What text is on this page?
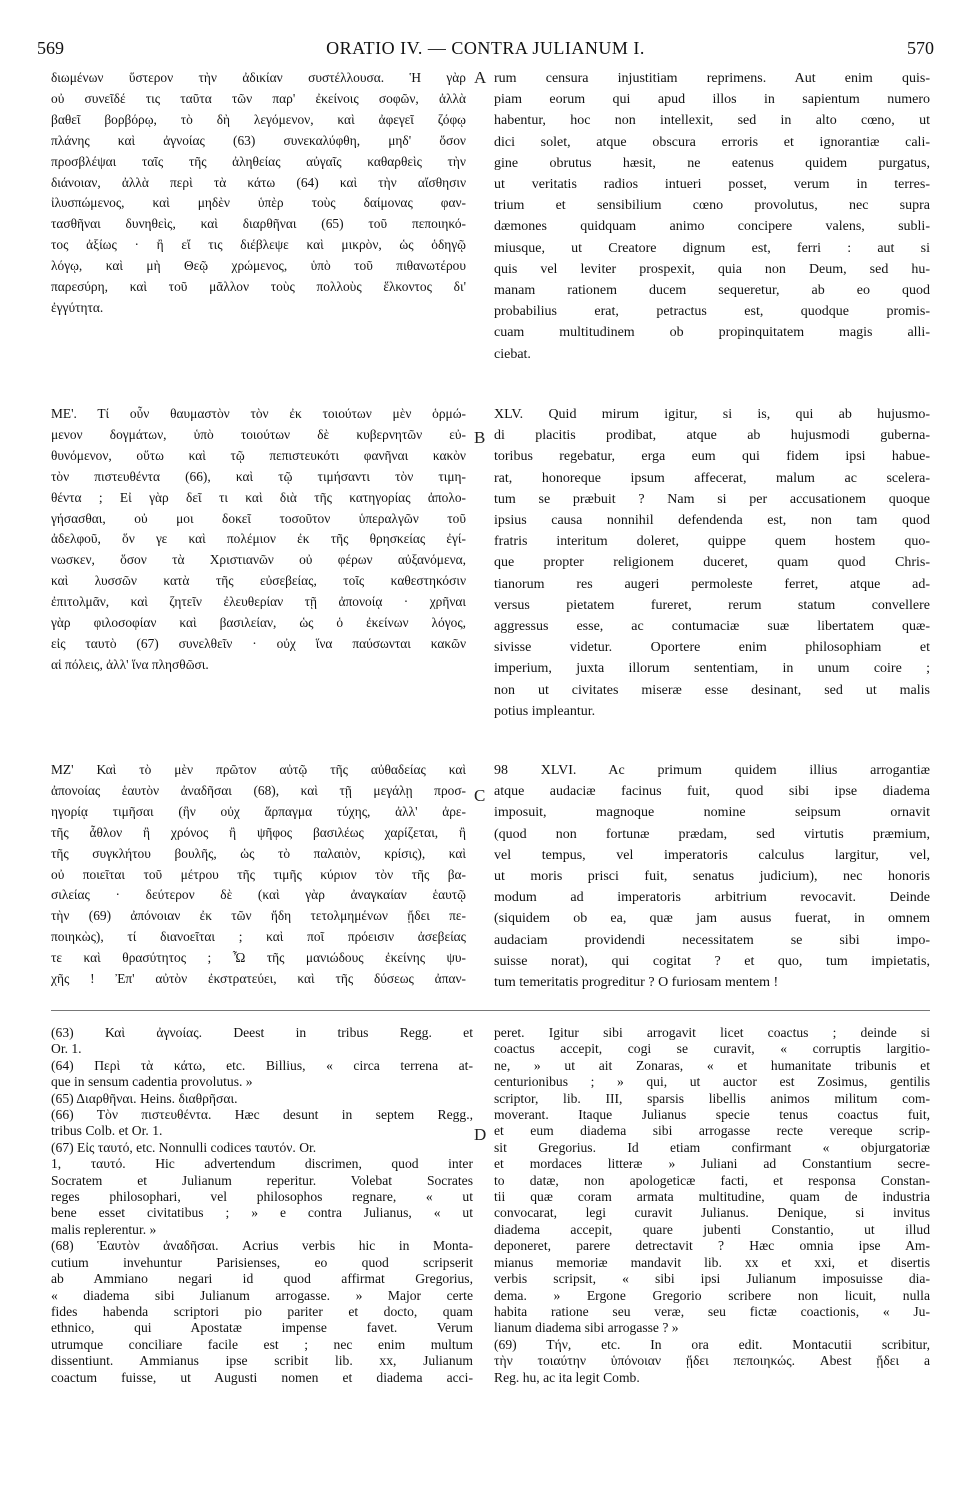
569	ORATIO IV. — CONTRA JULIANUM I.	570
A
B
C
D
διωμένων ὕστερον τὴν ἀδικίαν συστέλλουσα. Ἡ γὰρ
οὐ συνεῖδέ τις ταῦτα τῶν παρ' ἐκείνοις σοφῶν, ἀλλὰ
βαθεῖ βορβόρῳ, τὸ δὴ λεγόμενον, καὶ ἀφεγεῖ ζόφῳ
πλάνης καὶ ἀγνοίας (63) συνεκαλύφθη, μηδ' ὅσον
προσβλέψαι ταῖς τῆς ἀληθείας αὐγαῖς καθαρθεὶς τὴν
διάνοιαν, ἀλλὰ περὶ τὰ κάτω (64) καὶ τὴν αἴσθησιν
ἰλυσπώμενος, καὶ μηδὲν ὑπὲρ τοὺς δαίμονας φαν-
τασθῆναι δυνηθεὶς, καὶ διαρθῆναι (65) τοῦ πεποιηκό-
τος ἀξίως · ἢ εἴ τις διέβλεψε καὶ μικρὸν, ὡς ὁδηγῷ
λόγῳ, καὶ μὴ Θεῷ χρώμενος, ὑπὸ τοῦ πιθανωτέρου
παρεσύρη, καὶ τοῦ μᾶλλον τοὺς πολλοὺς ἕλκοντος δι'
ἐγγύτητα.
rum censura injustitiam reprimens. Aut enim quis-
piam eorum qui apud illos in sapientum numero
habentur, hoc non intellexit, sed in alto cœno, ut
dici solet, atque obscura erroris et ignorantiæ cali-
gine obrutus hæsit, ne eatenus quidem purgatus,
ut veritatis radios intueri posset, verum in terres-
trium et sensibilium cœno provolutus, nec supra
dæmones quidquam animo concipere valens, subli-
miusque, ut Creatore dignum est, ferri : aut si
quis vel leviter prospexit, quia non Deum, sed hu-
manam rationem ducem sequeretur, ab eo quod
probabilius erat, petractus est, quodque promis-
cuam multitudinem ob propinquitatem magis alli-
ciebat.
ΜΕ'. Τί οὖν θαυμαστὸν τὸν ἐκ τοιούτων μὲν ὁρμώ-
μενον δογμάτων, ὑπὸ τοιούτων δὲ κυβερνητῶν εὐ-
θυνόμενον, οὕτω καὶ τῷ πεπιστευκότι φανῆναι κακὸν
τὸν πιστευθέντα (66), καὶ τῷ τιμήσαντι τὸν τιμη-
θέντα ; Εἰ γὰρ δεῖ τι καὶ διὰ τῆς κατηγορίας ἀπολο-
γήσασθαι, οὐ μοι δοκεῖ τοσοῦτον ὑπεραλγῶν τοῦ
ἀδελφοῦ, ὅν γε καὶ πολέμιον ἐκ τῆς θρησκείας ἐγί-
νωσκεν, ὅσον τὰ Χριστιανῶν οὐ φέρων αὐξανόμενα,
καὶ λυσσῶν κατὰ τῆς εὐσεβείας, τοῖς καθεστηκόσιν
ἐπιτολμᾶν, καὶ ζητεῖν ἐλευθερίαν τῇ ἀπονοίᾳ · χρῆναι
γὰρ φιλοσοφίαν καὶ βασιλείαν, ὡς ὁ ἐκείνων λόγος,
εἰς ταυτὸ (67) συνελθεῖν · οὐχ ἵνα παύσωνται κακῶν
αἱ πόλεις, ἀλλ' ἵνα πλησθῶσι.
XLV. Quid mirum igitur, si is, qui ab hujusmo-
di placitis prodibat, atque ab hujusmodi guberna-
toribus regebatur, erga eum qui fidem ipsi habue-
rat, honoreque ipsum affecerat, malum ac scelera-
tum se præbuit ? Nam si per accusationem quoque
ipsius causa nonnihil defendenda est, non tam quod
fratris interitum doleret, quippe quem hostem quo-
que propter religionem duceret, quam quod Chris-
tianorum res augeri permoleste ferret, atque ad-
versus pietatem fureret, rerum statum convellere
aggressus esse, ac contumaciæ suæ libertatem quæ-
sivisse videtur. Oportere enim philosophiam et
imperium, juxta illorum sententiam, in unum coire ;
non ut civitates miseræ esse desinant, sed ut malis
potius impleantur.
ΜΖ' Καὶ τὸ μὲν πρῶτον αὐτῷ τῆς αὐθαδείας καὶ
ἀπονοίας ἑαυτὸν ἀναδῆσαι (68), καὶ τῇ μεγάλῃ προσ-
ηγορίᾳ τιμῆσαι (ἣν οὐχ ἅρπαγμα τύχης, ἀλλ' ἀρε-
τῆς ἆθλον ἢ χρόνος ἢ ψῆφος βασιλέως χαρίζεται, ἢ
τῆς συγκλήτου βουλῆς, ὡς τὸ παλαιὸν, κρίσις), καὶ
οὐ ποιεῖται τοῦ μέτρου τῆς τιμῆς κύριον τὸν τῆς βα-
σιλείας · δεύτερον δὲ (καὶ γὰρ ἀναγκαίαν ἑαυτῷ
τὴν (69) ἀπόνοιαν ἐκ τῶν ἤδη τετολμημένων ᾔδει πε-
ποιηκὼς), τί διανοεῖται ; καὶ ποῖ πρόεισιν ἀσεβείας
τε καὶ θρασύτητος ; Ὦ τῆς μανιώδους ἐκείνης ψυ-
χῆς ! Ἐπ' αὐτὸν ἐκστρατεύει, καὶ τῆς δύσεως ἀπαν-
98 XLVI. Ac primum quidem illius arrogantiæ
atque audaciæ facinus fuit, quod sibi ipse diadema
imposuit, magnoque nomine seipsum ornavit
(quod non fortunæ prædam, sed virtutis præmium,
vel tempus, vel imperatoris calculus largitur, vel,
ut moris prisci fuit, senatus judicium), nec honoris
modum ad imperatoris arbitrium revocavit. Deinde
(siquidem ob ea, quæ jam ausus fuerat, in omnem
audaciam providendi necessitatem se sibi impo-
suisse norat), qui cogitat ? et quo, tum impietatis,
tum temeritatis progreditur ? O furiosam mentem !
(63) Καὶ ἀγνοίας. Deest in tribus Regg. et
Or. 1.
(64) Περὶ τὰ κάτω, etc. Billius, « circa terrena at-
que in sensum cadentia provolutus. »
(65) Διαρθῆναι. Heins. διαθρῆσαι.
(66) Τὸν πιστευθέντα. Hæc desunt in septem Regg.,
tribus Colb. et Or. 1.
(67) Εἰς ταυτό, etc. Nonnulli codices ταυτόν. Or.
1, ταυτό. Hic advertendum discrimen, quod inter
Socratem et Julianum reperitur. Volebat Socrates
reges philosophari, vel philosophos regnare, « ut
bene esset civitatibus ; » e contra Julianus, « ut
malis replerentur. »
(68) Ἑαυτὸν ἀναδῆσαι. Acrius verbis hic in Monta-
cutium invehuntur Parisienses, eo quod scripserit
ab Ammiano negari id quod affirmat Gregorius,
« diadema sibi Julianum arrogasse. » Major certe
fides habenda scriptori pio pariter et docto, quam
ethnico, qui Apostatæ impense favet. Verum
utrumque conciliare facile est ; nec enim multum
dissentiunt. Ammianus ipse scribit lib. xx, Julianum
coactum fuisse, ut Augusti nomen et diadema acci-
peret. Igitur sibi arrogavit licet coactus ; deinde si
coactus accepit, cogi se curavit, « corruptis largitio-
ne, » ut ait Zonaras, « et humanitate tribunis et
centurionibus ; » qui, ut auctor est Zosimus, gentilis
scriptor, lib. III, sparsis libellis animos militum com-
moverant. Itaque Julianus specie tenus coactus fuit,
et eum diadema sibi arrogasse recte vereque scrip-
sit Gregorius. Id etiam confirmant « objurgatoriæ
et mordaces litteræ » Juliani ad Constantium secre-
to datæ, non apologeticæ facti, et responsa Constan-
tii quæ coram armata multitudine, quam de industria
convocarat, legi curavit Julianus. Denique, si invitus
diadema accepit, quare jubenti Constantio, ut illud
deponeret, parere detrectavit ? Hæc omnia ipse Am-
mianus memoriæ mandavit lib. xx et xxi, et disertis
verbis scripsit, « sibi ipsi Julianum imposuisse dia-
dema. » Ergone Gregorio scribere non licuit, nulla
habita ratione seu veræ, seu fictæ coactionis, « Ju-
lianum diadema sibi arrogasse ? »
(69) Τήν, etc. In ora edit. Montacutii scribitur,
τὴν τοιαύτην ὑπόνοιαν ᾔδει πεποιηκώς. Abest ᾔδει a
Reg. hu, ac ita legit Comb.
